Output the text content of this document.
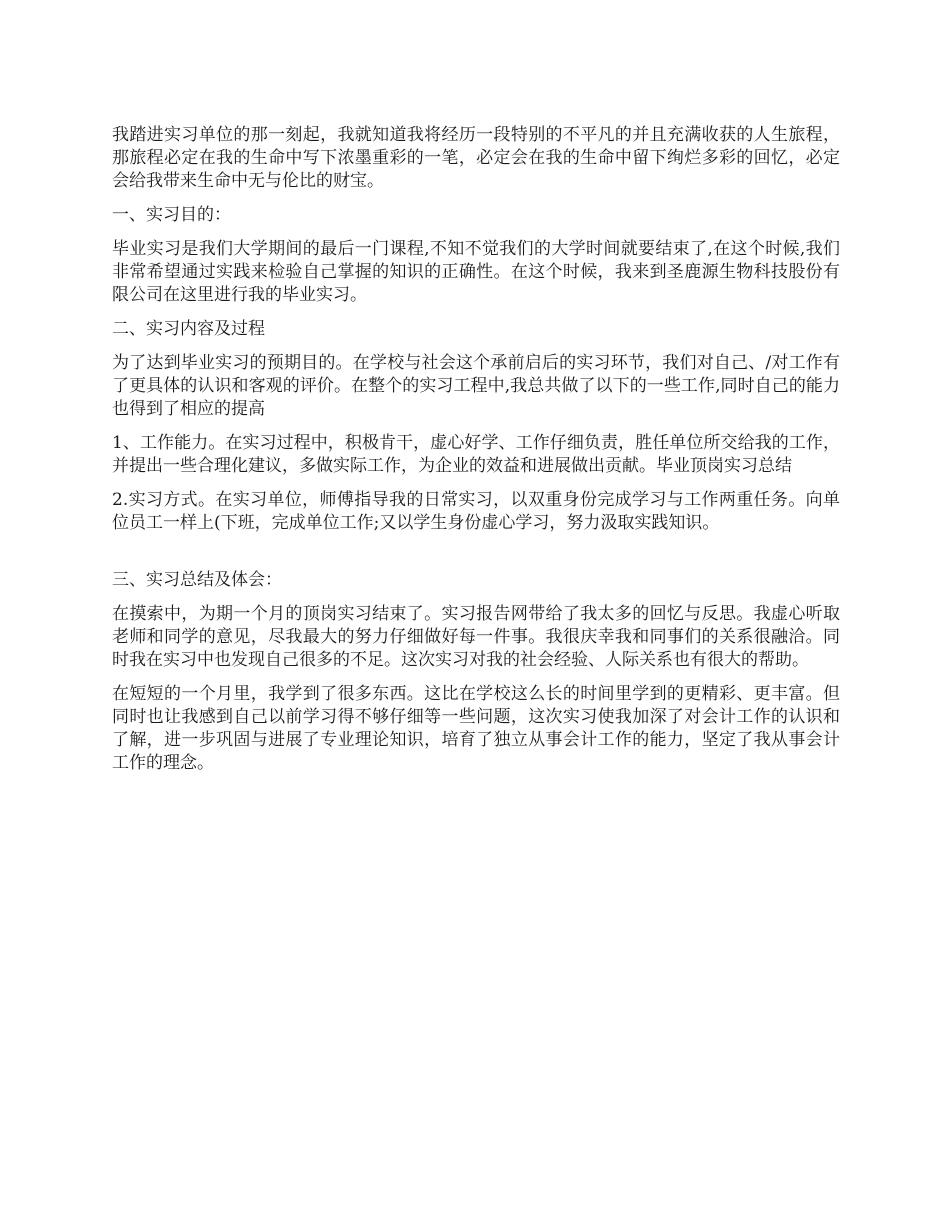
我踏进实习单位的那一刻起，我就知道我将经历一段特别的不平凡的并且充满收获的人生旅程，那旅程必定在我的生命中写下浓墨重彩的一笔，必定会在我的生命中留下绚烂多彩的回忆，必定会给我带来生命中无与伦比的财宝。

一、实习目的：

毕业实习是我们大学期间的最后一门课程,不知不觉我们的大学时间就要结束了,在这个时候,我们非常希望通过实践来检验自己掌握的知识的正确性。在这个时候，我来到圣鹿源生物科技股份有限公司在这里进行我的毕业实习。

二、实习内容及过程

为了达到毕业实习的预期目的。在学校与社会这个承前启后的实习环节，我们对自己、/对工作有了更具体的认识和客观的评价。在整个的实习工程中,我总共做了以下的一些工作,同时自己的能力也得到了相应的提高

1、工作能力。在实习过程中，积极肯干，虚心好学、工作仔细负责，胜任单位所交给我的工作，并提出一些合理化建议，多做实际工作，为企业的效益和进展做出贡献。毕业顶岗实习总结

2.实习方式。在实习单位，师傅指导我的日常实习，以双重身份完成学习与工作两重任务。向单位员工一样上(下班，完成单位工作;又以学生身份虚心学习，努力汲取实践知识。

三、实习总结及体会：

在摸索中，为期一个月的顶岗实习结束了。实习报告网带给了我太多的回忆与反思。我虚心听取老师和同学的意见，尽我最大的努力仔细做好每一件事。我很庆幸我和同事们的关系很融洽。同时我在实习中也发现自己很多的不足。这次实习对我的社会经验、人际关系也有很大的帮助。

在短短的一个月里，我学到了很多东西。这比在学校这么长的时间里学到的更精彩、更丰富。但同时也让我感到自己以前学习得不够仔细等一些问题，这次实习使我加深了对会计工作的认识和了解，进一步巩固与进展了专业理论知识，培育了独立从事会计工作的能力，坚定了我从事会计工作的理念。
